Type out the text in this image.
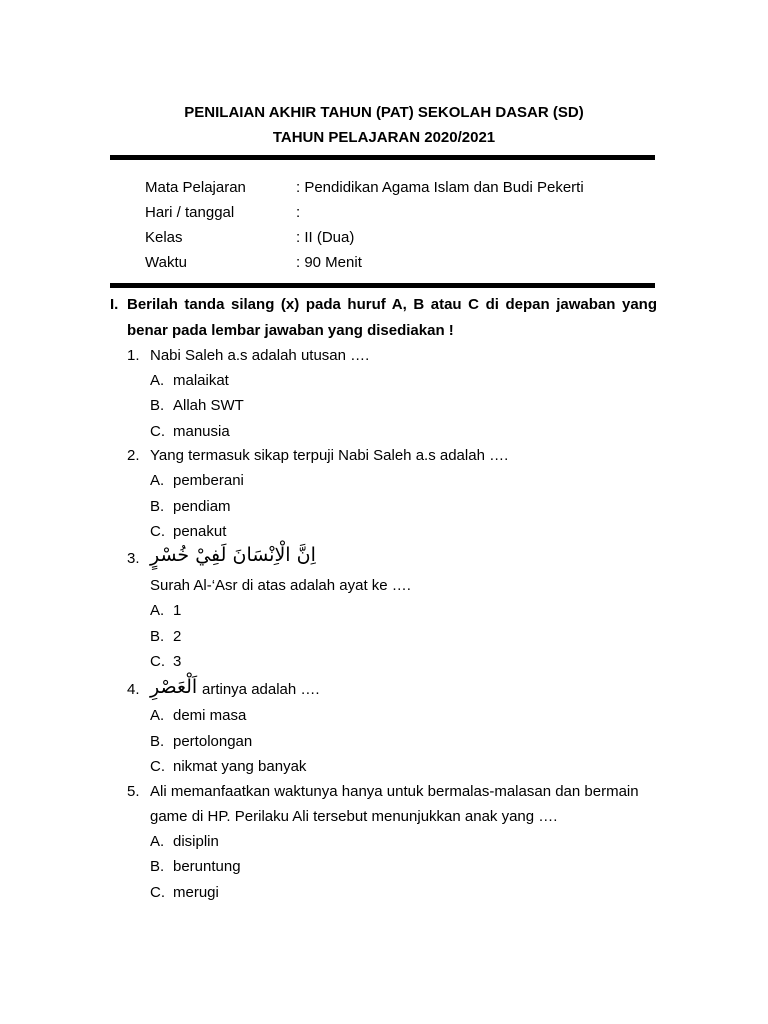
PENILAIAN AKHIR TAHUN (PAT) SEKOLAH DASAR (SD)
TAHUN PELAJARAN 2020/2021
Mata Pelajaran	: Pendidikan Agama Islam dan Budi Pekerti
Hari / tanggal	:
Kelas	: II (Dua)
Waktu	: 90 Menit
I. Berilah tanda silang (x) pada huruf A, B atau C di depan jawaban yang
benar pada lembar jawaban yang disediakan !
1. Nabi Saleh a.s adalah utusan ….
A. malaikat
B. Allah SWT
C. manusia
2. Yang termasuk sikap terpuji Nabi Saleh a.s adalah ….
A. pemberani
B. pendiam
C. penakut
3. اِنَّ الْاِنْسَانَ لَفِيْ خُسْرٍ
Surah Al-‘Asr di atas adalah ayat ke ….
A. 1
B. 2
C. 3
4. اَلْعَصْرِ artinya adalah ….
A. demi masa
B. pertolongan
C. nikmat yang banyak
5. Ali memanfaatkan waktunya hanya untuk bermalas-malasan dan bermain
game di HP. Perilaku Ali tersebut menunjukkan anak yang ….
A. disiplin
B. beruntung
C. merugi
